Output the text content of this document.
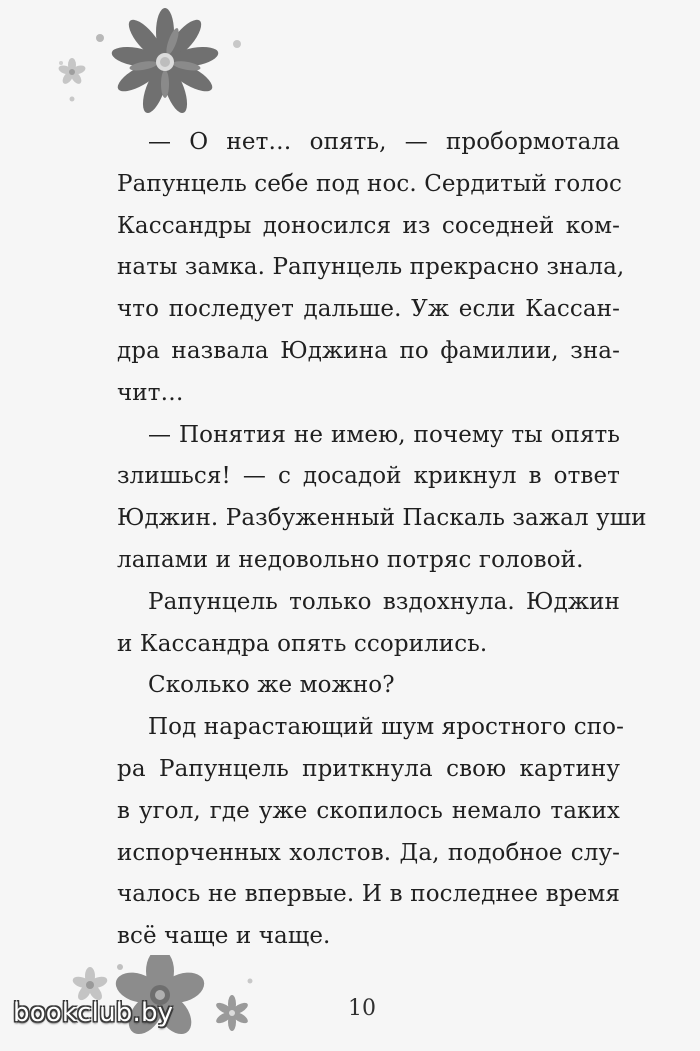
— О нет… опять, — пробормотала
Рапунцель себе под нос. Сердитый голос
Кассандры доносился из соседней ком-
наты замка. Рапунцель прекрасно знала,
что последует дальше. Уж если Кассан-
дра назвала Юджина по фамилии, зна-
чит…
— Понятия не имею, почему ты опять
злишься! — с досадой крикнул в ответ
Юджин. Разбуженный Паскаль зажал уши
лапами и недовольно потряс головой.
Рапунцель только вздохнула. Юджин
и Кассандра опять ссорились.
Сколько же можно?
Под нарастающий шум яростного спо-
ра Рапунцель приткнула свою картину
в угол, где уже скопилось немало таких
испорченных холстов. Да, подобное слу-
чалось не впервые. И в последнее время
всё чаще и чаще.
10
bookclub.by
